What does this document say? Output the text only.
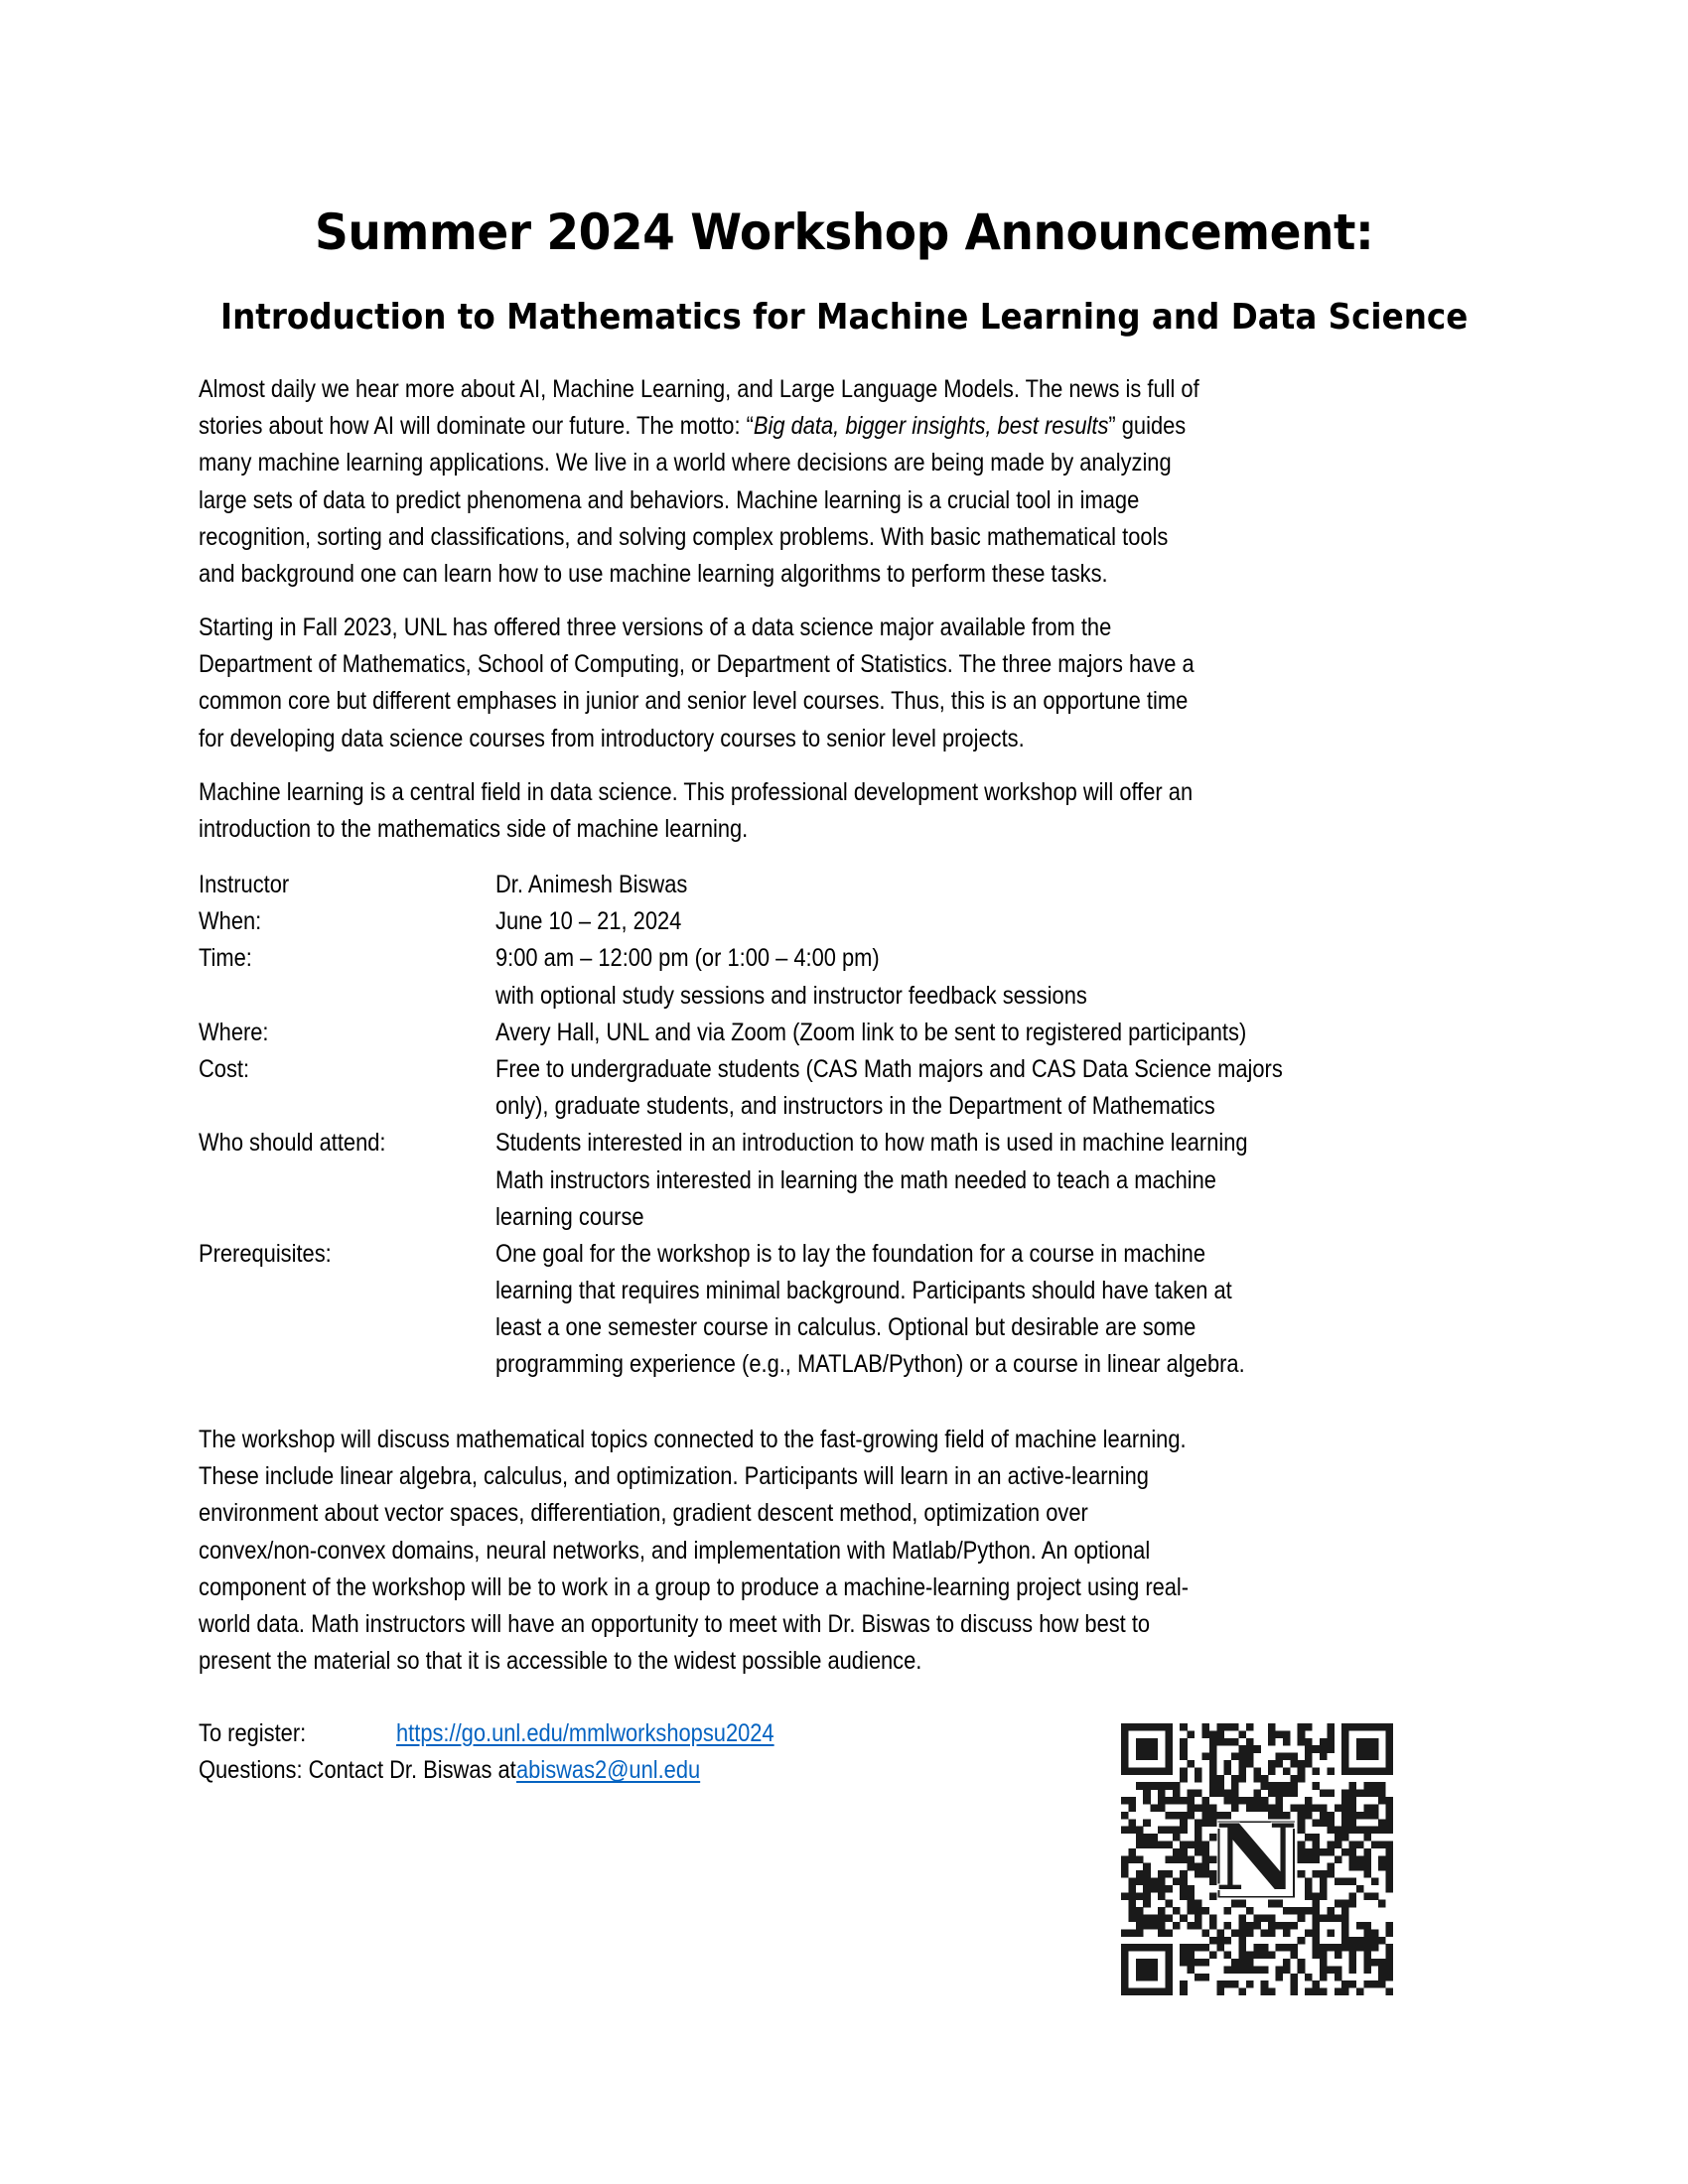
Summer 2024 Workshop Announcement:
Introduction to Mathematics for Machine Learning and Data Science
Almost daily we hear more about AI, Machine Learning, and Large Language Models. The news is full of
stories about how AI will dominate our future. The motto: “Big data, bigger insights, best results” guides
many machine learning applications. We live in a world where decisions are being made by analyzing
large sets of data to predict phenomena and behaviors. Machine learning is a crucial tool in image
recognition, sorting and classifications, and solving complex problems. With basic mathematical tools
and background one can learn how to use machine learning algorithms to perform these tasks.
Starting in Fall 2023, UNL has offered three versions of a data science major available from the
Department of Mathematics, School of Computing, or Department of Statistics. The three majors have a
common core but different emphases in junior and senior level courses. Thus, this is an opportune time
for developing data science courses from introductory courses to senior level projects.
Machine learning is a central field in data science. This professional development workshop will offer an
introduction to the mathematics side of machine learning.
Instructor	Dr. Animesh Biswas
When:	June 10 – 21, 2024
Time:	9:00 am – 12:00 pm (or 1:00 – 4:00 pm)
with optional study sessions and instructor feedback sessions
Where:	Avery Hall, UNL and via Zoom (Zoom link to be sent to registered participants)
Cost:	Free to undergraduate students (CAS Math majors and CAS Data Science majors
only), graduate students, and instructors in the Department of Mathematics
Who should attend:	Students interested in an introduction to how math is used in machine learning
Math instructors interested in learning the math needed to teach a machine
learning course
Prerequisites:	One goal for the workshop is to lay the foundation for a course in machine
learning that requires minimal background. Participants should have taken at
least a one semester course in calculus. Optional but desirable are some
programming experience (e.g., MATLAB/Python) or a course in linear algebra.
The workshop will discuss mathematical topics connected to the fast-growing field of machine learning.
These include linear algebra, calculus, and optimization. Participants will learn in an active-learning
environment about vector spaces, differentiation, gradient descent method, optimization over
convex/non-convex domains, neural networks, and implementation with Matlab/Python. An optional
component of the workshop will be to work in a group to produce a machine-learning project using real-
world data. Math instructors will have an opportunity to meet with Dr. Biswas to discuss how best to
present the material so that it is accessible to the widest possible audience.
To register:	https://go.unl.edu/mmlworkshopsu2024
Questions: Contact Dr. Biswas at abiswas2@unl.edu
N
